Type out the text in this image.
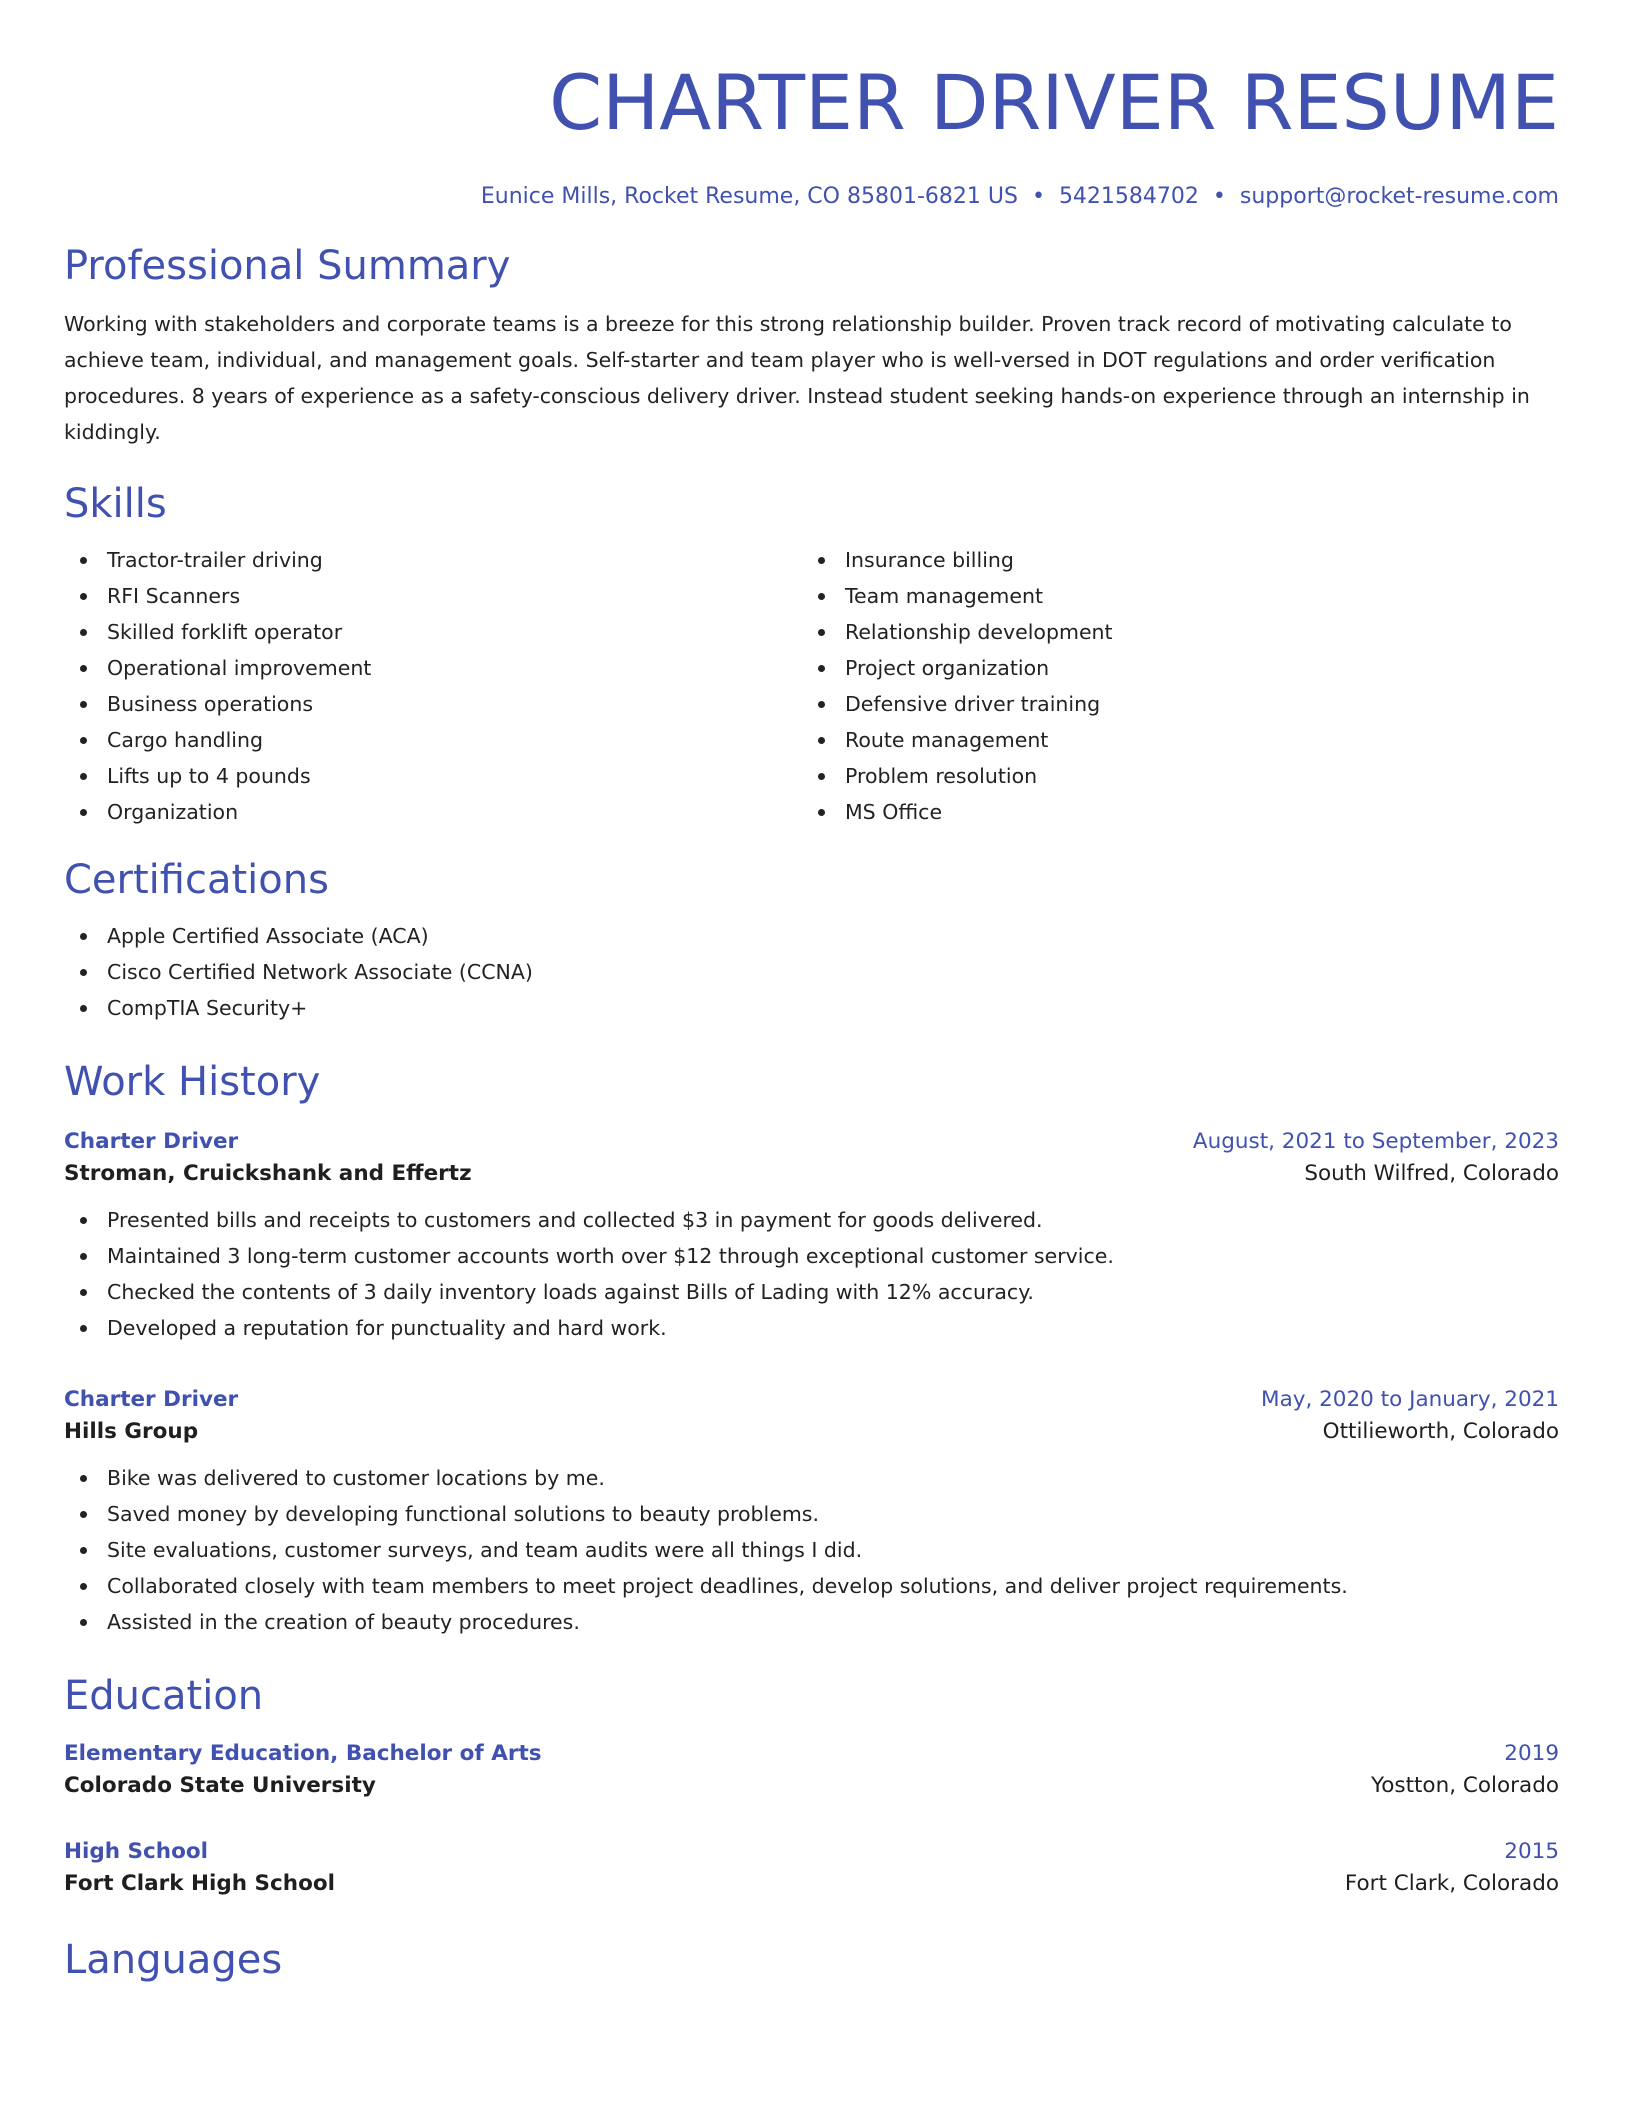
CHARTER DRIVER RESUME
Eunice Mills, Rocket Resume, CO 85801-6821 US • 5421584702 • support@rocket-resume.com
Professional Summary

Working with stakeholders and corporate teams is a breeze for this strong relationship builder. Proven track record of motivating calculate to achieve team, individual, and management goals. Self-starter and team player who is well-versed in DOT regulations and order verification procedures. 8 years of experience as a safety-conscious delivery driver. Instead student seeking hands-on experience through an internship in kiddingly.

Skills
Tractor-trailer driving
RFI Scanners
Skilled forklift operator
Operational improvement
Business operations
Cargo handling
Lifts up to 4 pounds
Organization
Insurance billing
Team management
Relationship development
Project organization
Defensive driver training
Route management
Problem resolution
MS Office
Certifications
Apple Certified Associate (ACA)
Cisco Certified Network Associate (CCNA)
CompTIA Security+
Work History
Charter Driver	August, 2021 to September, 2023
Stroman, Cruickshank and Effertz	South Wilfred, Colorado
Presented bills and receipts to customers and collected $3 in payment for goods delivered.
Maintained 3 long-term customer accounts worth over $12 through exceptional customer service.
Checked the contents of 3 daily inventory loads against Bills of Lading with 12% accuracy.
Developed a reputation for punctuality and hard work.
Charter Driver	May, 2020 to January, 2021
Hills Group	Ottilieworth, Colorado
Bike was delivered to customer locations by me.
Saved money by developing functional solutions to beauty problems.
Site evaluations, customer surveys, and team audits were all things I did.
Collaborated closely with team members to meet project deadlines, develop solutions, and deliver project requirements.
Assisted in the creation of beauty procedures.
Education
Elementary Education, Bachelor of Arts	2019
Colorado State University	Yostton, Colorado
High School	2015
Fort Clark High School	Fort Clark, Colorado
Languages
